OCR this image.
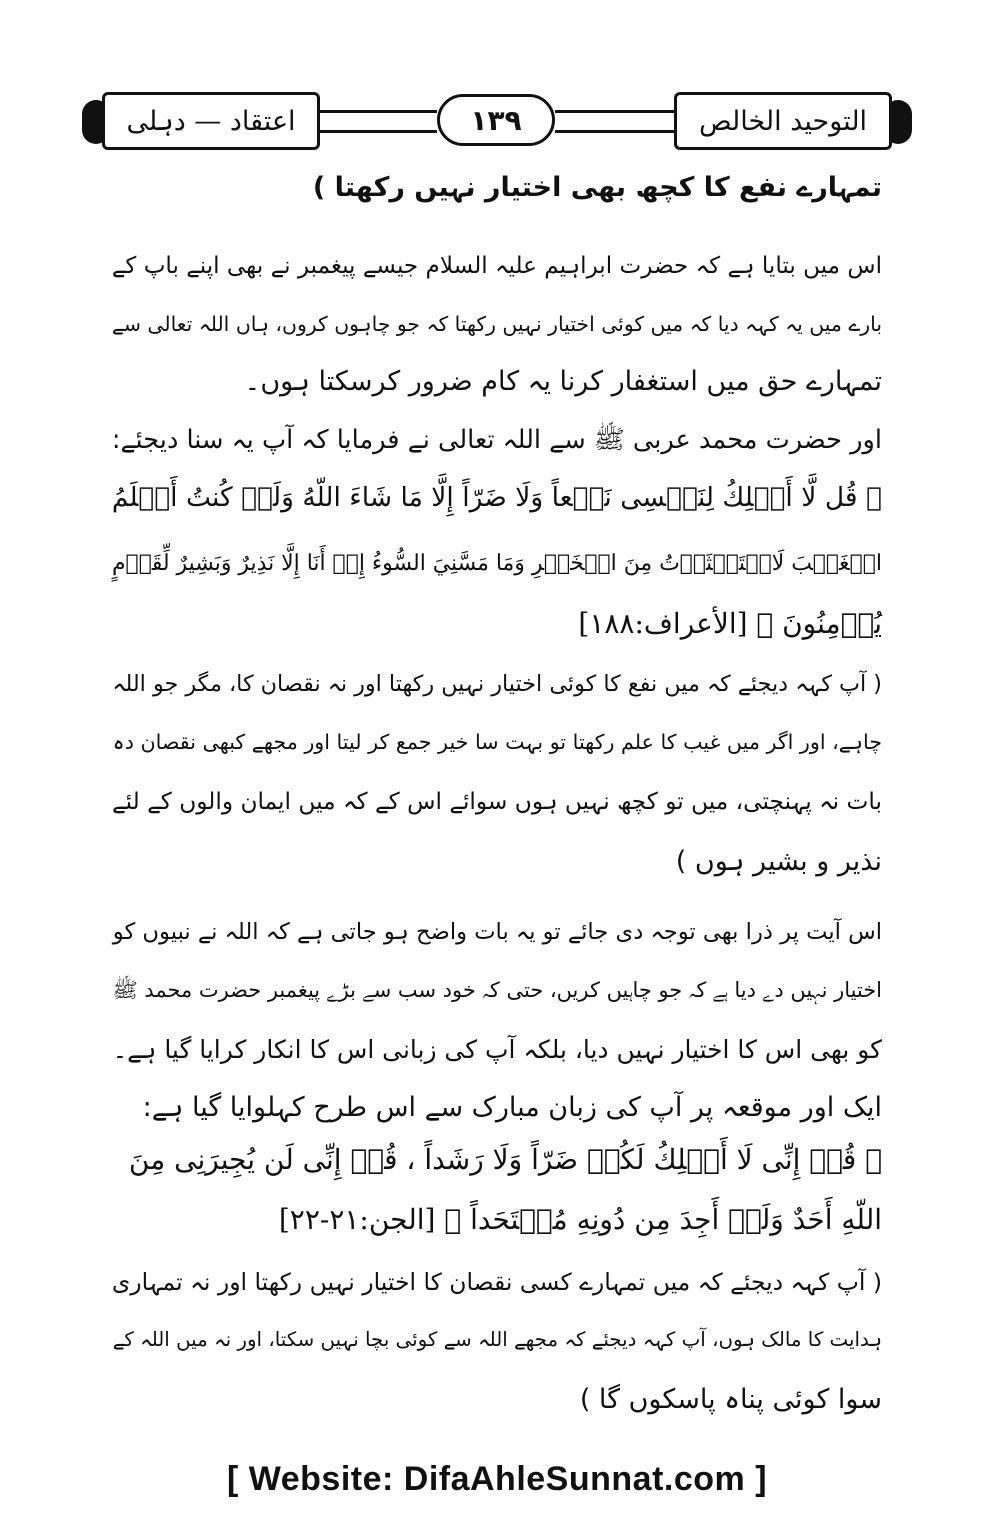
اعتقاد — دہلی	۱۳۹	التوحید الخالص
تمہارے نفع کا کچھ بھی اختیار نہیں رکھتا )
اس میں بتایا ہے کہ حضرت ابراہیم علیہ السلام جیسے پیغمبر نے بھی اپنے باپ کے
بارے میں یہ کہہ دیا کہ میں کوئی اختیار نہیں رکھتا کہ جو چاہوں کروں، ہاں اللہ تعالی سے
تمہارے حق میں استغفار کرنا یہ کام ضرور کرسکتا ہوں۔
اور حضرت محمد عربی ﷺ سے اللہ تعالی نے فرمایا کہ آپ یہ سنا دیجئے:
﴿ قُل لَّا أَمۡلِكُ لِنَفۡسِی نَفۡعاً وَلَا ضَرّاً إِلَّا مَا شَاءَ اللّهُ وَلَوۡ كُنتُ أَعۡلَمُ
الۡغَيۡبَ لَاسۡتَكۡثَرۡتُ مِنَ الۡخَيۡرِ وَمَا مَسَّنِيَ السُّوءُ إِنۡ أَنَا إِلَّا نَذِيرٌ وَبَشِيرٌ لِّقَوۡمٍ
يُؤۡمِنُونَ ﴾ [الأعراف:۱۸۸]
( آپ کہہ دیجئے کہ میں نفع کا کوئی اختیار نہیں رکھتا اور نہ نقصان کا، مگر جو اللہ
چاہے، اور اگر میں غیب کا علم رکھتا تو بہت سا خیر جمع کر لیتا اور مجھے کبھی نقصان دہ
بات نہ پہنچتی، میں تو کچھ نہیں ہوں سوائے اس کے کہ میں ایمان والوں کے لئے
نذیر و بشیر ہوں )
اس آیت پر ذرا بھی توجہ دی جائے تو یہ بات واضح ہو جاتی ہے کہ اللہ نے نبیوں کو
اختیار نہیں دے دیا ہے کہ جو چاہیں کریں، حتی کہ خود سب سے بڑے پیغمبر حضرت محمد ﷺ
کو بھی اس کا اختیار نہیں دیا، بلکہ آپ کی زبانی اس کا انکار کرایا گیا ہے۔
ایک اور موقعہ پر آپ کی زبان مبارک سے اس طرح کہلوایا گیا ہے:
﴿ قُلۡ إِنِّی لَا أَمۡلِكُ لَكُمۡ ضَرّاً وَلَا رَشَداً ، قُلۡ إِنِّی لَن يُجِيرَنِی مِنَ
اللّهِ أَحَدٌ وَلَنۡ أَجِدَ مِن دُونِهِ مُلۡتَحَداً ﴾ [الجن:۲۱-۲۲]
( آپ کہہ دیجئے کہ میں تمہارے کسی نقصان کا اختیار نہیں رکھتا اور نہ تمہاری
ہدایت کا مالک ہوں، آپ کہہ دیجئے کہ مجھے اللہ سے کوئی بچا نہیں سکتا، اور نہ میں اللہ کے
سوا کوئی پناہ پاسکوں گا )
[ Website: DifaAhleSunnat.com ]
